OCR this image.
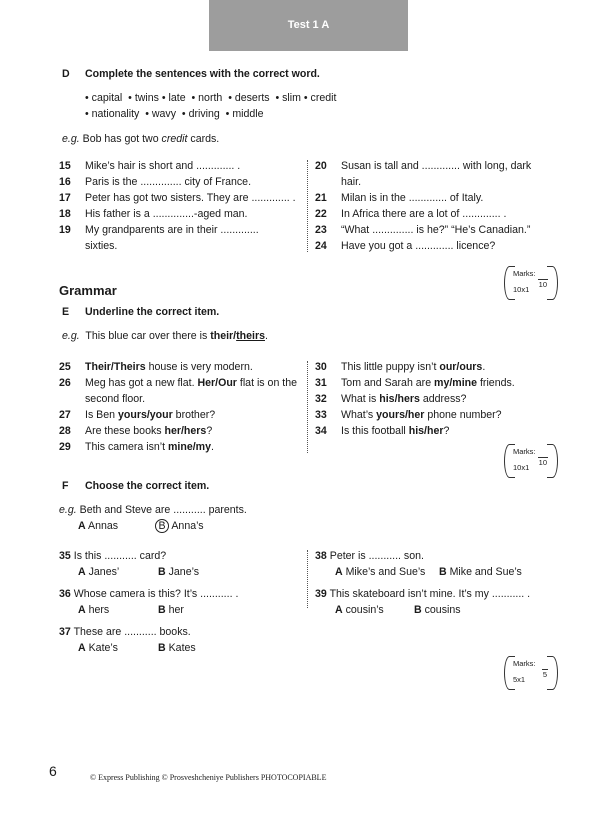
Test 1 A
D Complete the sentences with the correct word.
• capital  • twins • late  • north  • deserts  • slim • credit
• nationality  • wavy  • driving  • middle
e.g. Bob has got two credit cards.
15 Mike’s hair is short and ............. .
16 Paris is the .............. city of France.
17 Peter has got two sisters. They are ............. .
18 His father is a ..............-aged man.
19 My grandparents are in their .............
sixties.
20 Susan is tall and ............. with long, dark
hair.
21 Milan is in the ............. of Italy.
22 In Africa there are a lot of ............. .
23 “What .............. is he?” “He’s Canadian.”
24 Have you got a ............. licence?
Marks:
10
10x1
Grammar
E Underline the correct item.
e.g. This blue car over there is their/theirs.
25 Their/Theirs house is very modern.
26 Meg has got a new flat. Her/Our flat is on the
second floor.
27 Is Ben yours/your brother?
28 Are these books her/hers?
29 This camera isn’t mine/my.
30 This little puppy isn’t our/ours.
31 Tom and Sarah are my/mine friends.
32 What is his/hers address?
33 What’s yours/her phone number?
34 Is this football his/her?
Marks:
10
10x1
F Choose the correct item.
e.g. Beth and Steve are ........... parents.
A Annas	B Anna’s
35 Is this ........... card?
A Janes’	B Jane’s
36 Whose camera is this? It’s ........... .
A hers	B her
37 These are ........... books.
A Kate’s	B Kates
38 Peter is ........... son.
A Mike’s and Sue’s B Mike and Sue’s
39 This skateboard isn’t mine. It’s my ........... .
A cousin’s	B cousins
Marks:
5
5x1
6	© Express Publishing © Prosveshcheniye Publishers PHOTOCOPIABLE
